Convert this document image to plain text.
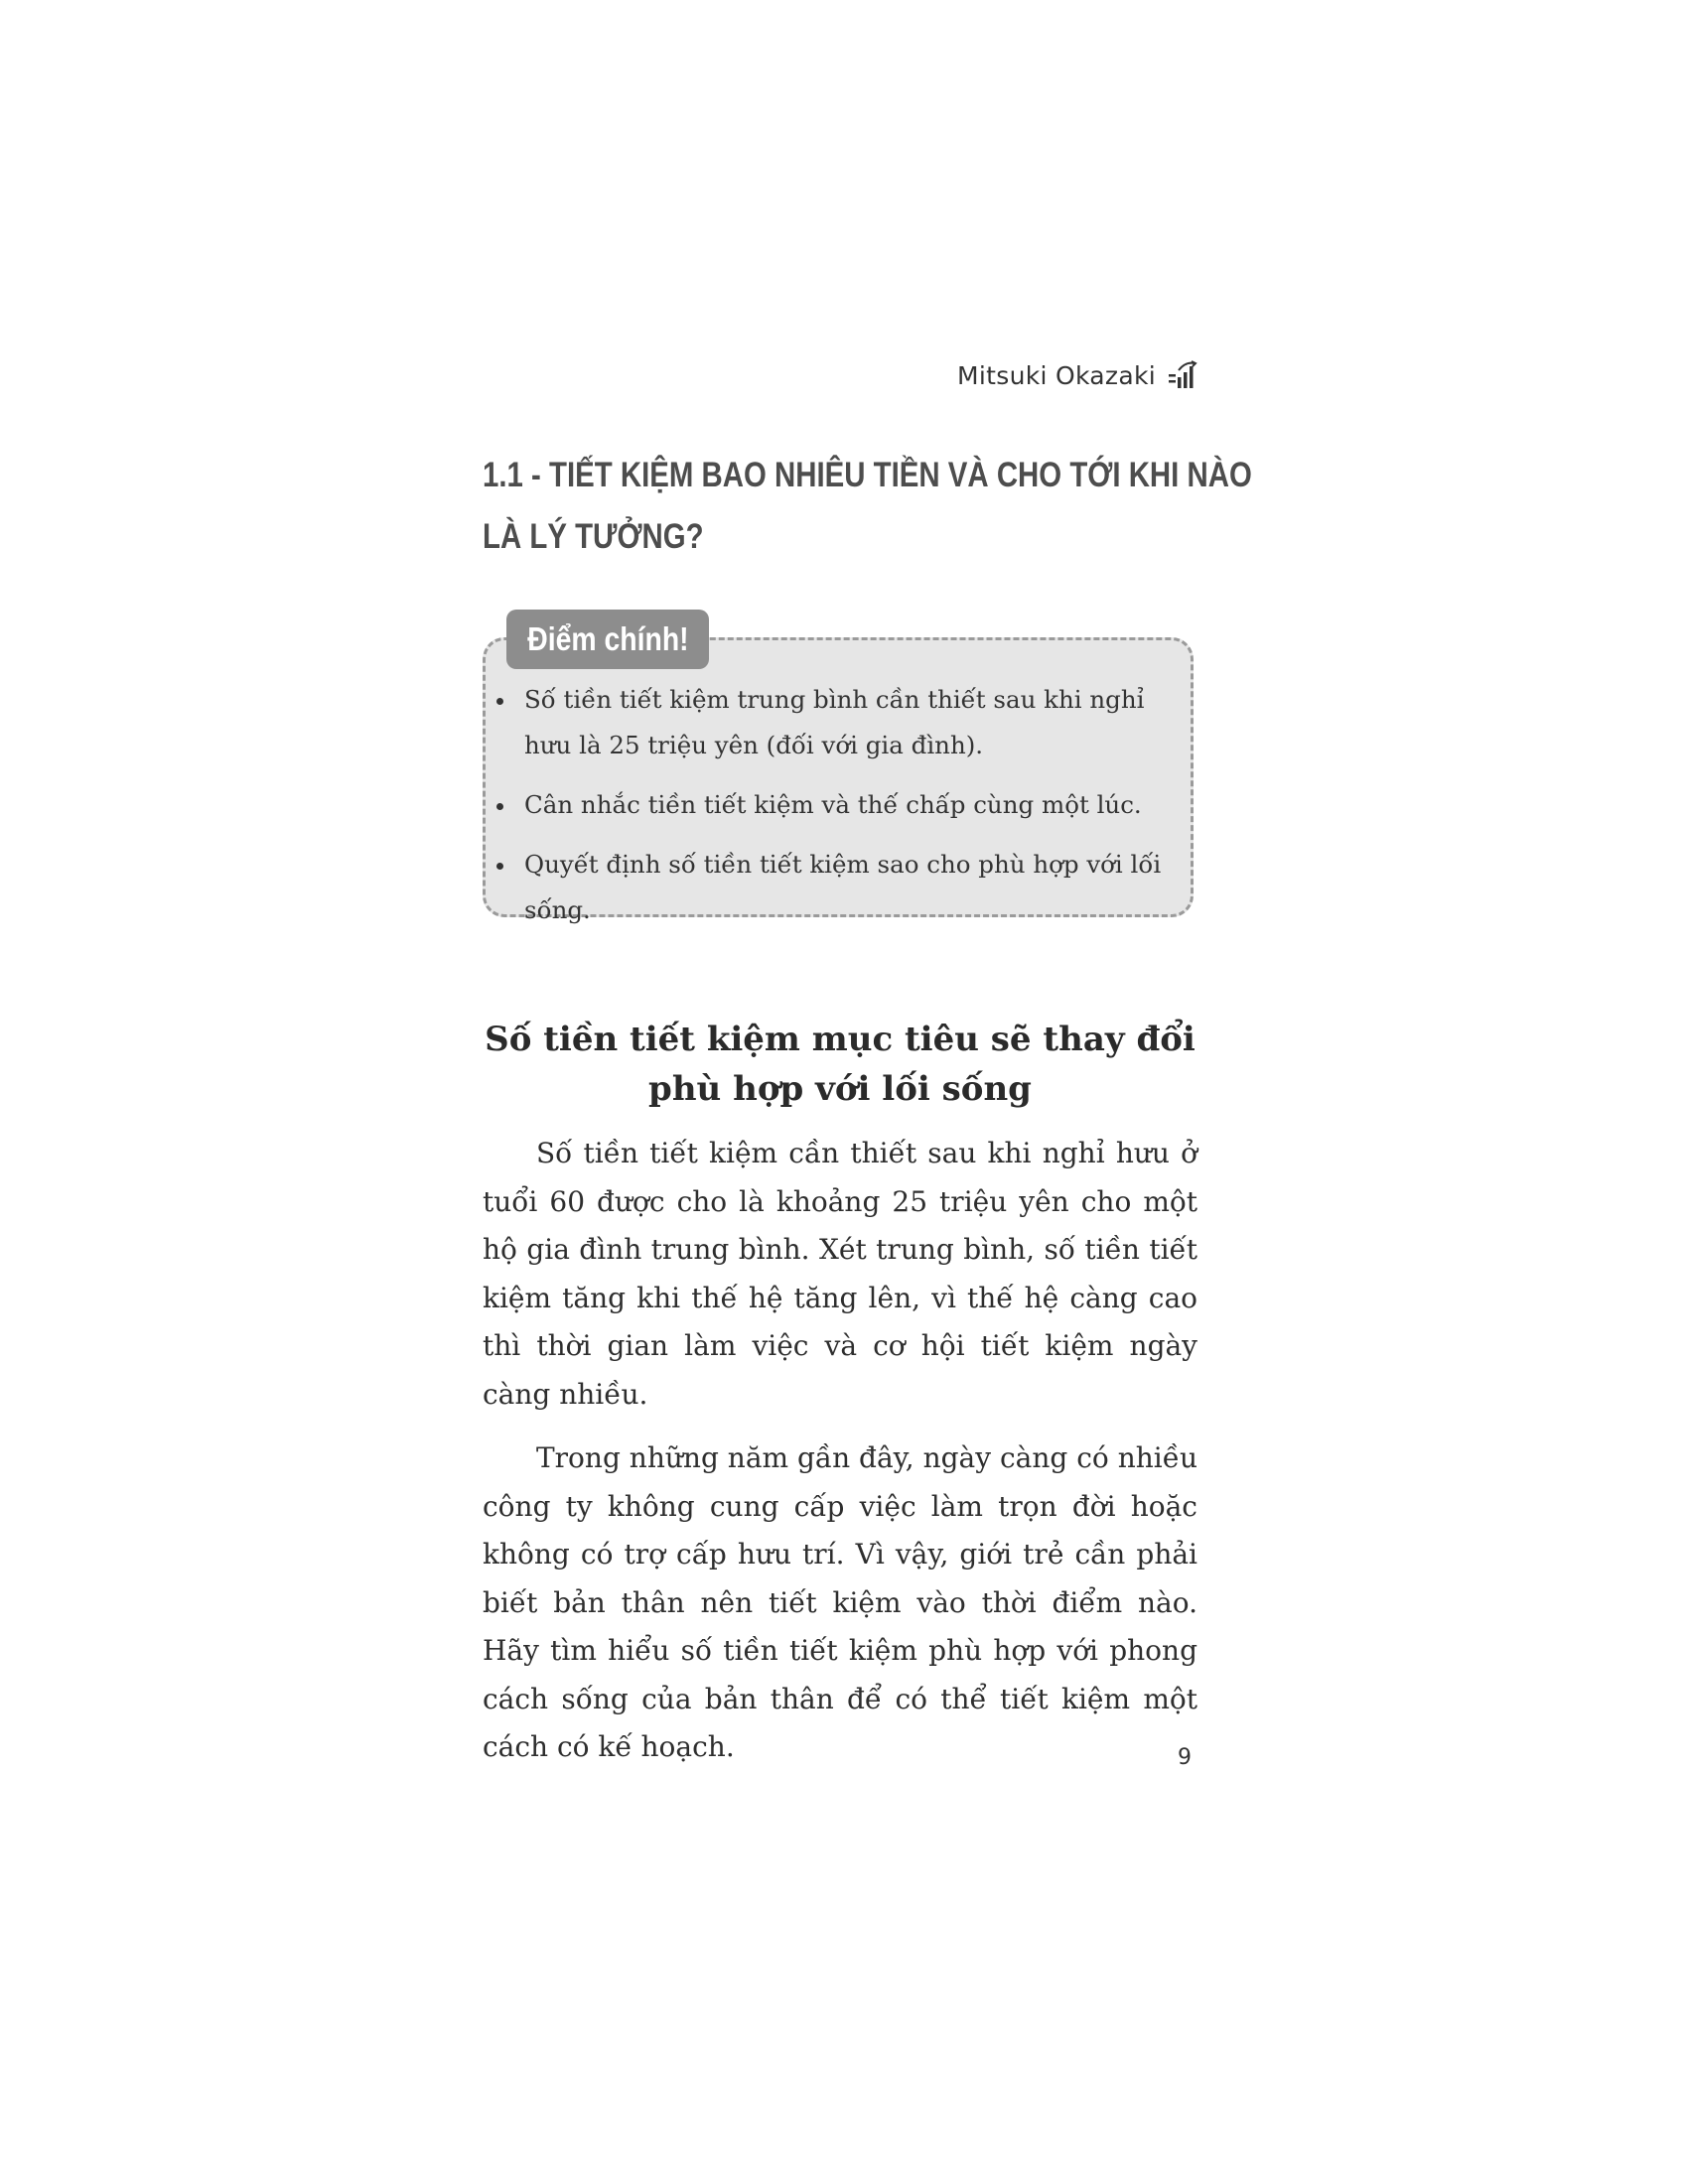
Mitsuki Okazaki
1.1 - TIẾT KIỆM BAO NHIÊU TIỀN VÀ CHO TỚI KHI NÀO
LÀ LÝ TƯỞNG?
Điểm chính!
Số tiền tiết kiệm trung bình cần thiết sau khi nghỉ hưu là 25 triệu yên (đối với gia đình).
Cân nhắc tiền tiết kiệm và thế chấp cùng một lúc.
Quyết định số tiền tiết kiệm sao cho phù hợp với lối sống.
Số tiền tiết kiệm mục tiêu sẽ thay đổi
phù hợp với lối sống

Số tiền tiết kiệm cần thiết sau khi nghỉ hưu ở tuổi 60 được cho là khoảng 25 triệu yên cho một hộ gia đình trung bình. Xét trung bình, số tiền tiết kiệm tăng khi thế hệ tăng lên, vì thế hệ càng cao thì thời gian làm việc và cơ hội tiết kiệm ngày càng nhiều.

Trong những năm gần đây, ngày càng có nhiều công ty không cung cấp việc làm trọn đời hoặc không có trợ cấp hưu trí. Vì vậy, giới trẻ cần phải biết bản thân nên tiết kiệm vào thời điểm nào. Hãy tìm hiểu số tiền tiết kiệm phù hợp với phong cách sống của bản thân để có thể tiết kiệm một cách có kế hoạch.	9
